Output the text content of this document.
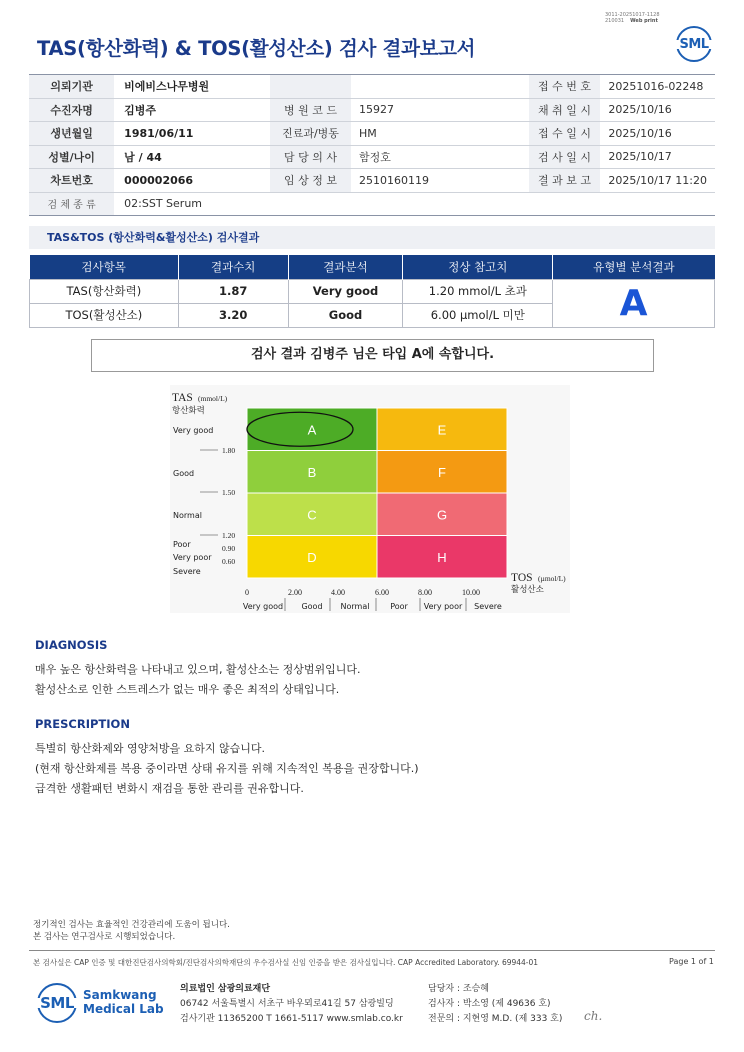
3011-20251017-1128
210031 Web print
TAS(항산화력) & TOS(활성산소) 검사 결과보고서	SML
의뢰기관	비에비스나무병원				접 수 번 호	20251016-02248
수진자명	김병주	병 원 코 드	15927		채 취 일 시	2025/10/16
생년월일	1981/06/11	진료과/병동	HM		접 수 일 시	2025/10/16
성별/나이	남 / 44	담 당 의 사	함정호		검 사 일 시	2025/10/17
차트번호	000002066	임 상 정 보	2510160119		결 과 보 고	2025/10/17 11:20
검 체 종 류	02:SST Serum					
TAS&TOS (항산화력&활성산소) 검사결과
검사항목	결과수치	결과분석	정상 참고치	유형별 분석결과
TAS(항산화력)	1.87	Very good	1.20 mmol/L 초과	A
TOS(활성산소)	3.20	Good	6.00 µmol/L 미만	
검사 결과 김병주 님은 타입 A에 속합니다.
A
B
C
D
E
F
G
H
TAS (mmol/L)
항산화력
Very good
Good
Normal
Poor
Very poor
Severe
1.80
1.50
1.20
0.90
0.60
0	2.00	4.00	6.00	8.00	10.00
Very good Good Normal	Poor Very poor Severe
TOS (µmol/L)
활성산소
DIAGNOSIS
매우 높은 항산화력을 나타내고 있으며, 활성산소는 정상범위입니다.
활성산소로 인한 스트레스가 없는 매우 좋은 최적의 상태입니다.
PRESCRIPTION
특별히 항산화제와 영양처방을 요하지 않습니다.
(현재 항산화제를 복용 중이라면 상태 유지를 위해 지속적인 복용을 권장합니다.)
급격한 생활패턴 변화시 재검을 통한 관리를 권유합니다.
정기적인 검사는 효율적인 건강관리에 도움이 됩니다.
본 검사는 연구검사로 시행되었습니다.
본 검사실은 CAP 인증 및 대한진단검사의학회/진단검사의학재단의 우수검사실 신임 인증을 받은 검사실입니다. CAP Accredited Laboratory. 69944-01	Page 1 of 1
SML Samkwang
Medical Lab
의료법인 삼광의료재단
06742 서울특별시 서초구 바우뫼로41길 57 삼광빌딩
검사기관 11365200 T 1661-5117 www.smlab.co.kr
담당자 : 조승혜
검사자 : 박소영 (제 49636 호)
전문의 : 지현영 M.D. (제 333 호) ch.
